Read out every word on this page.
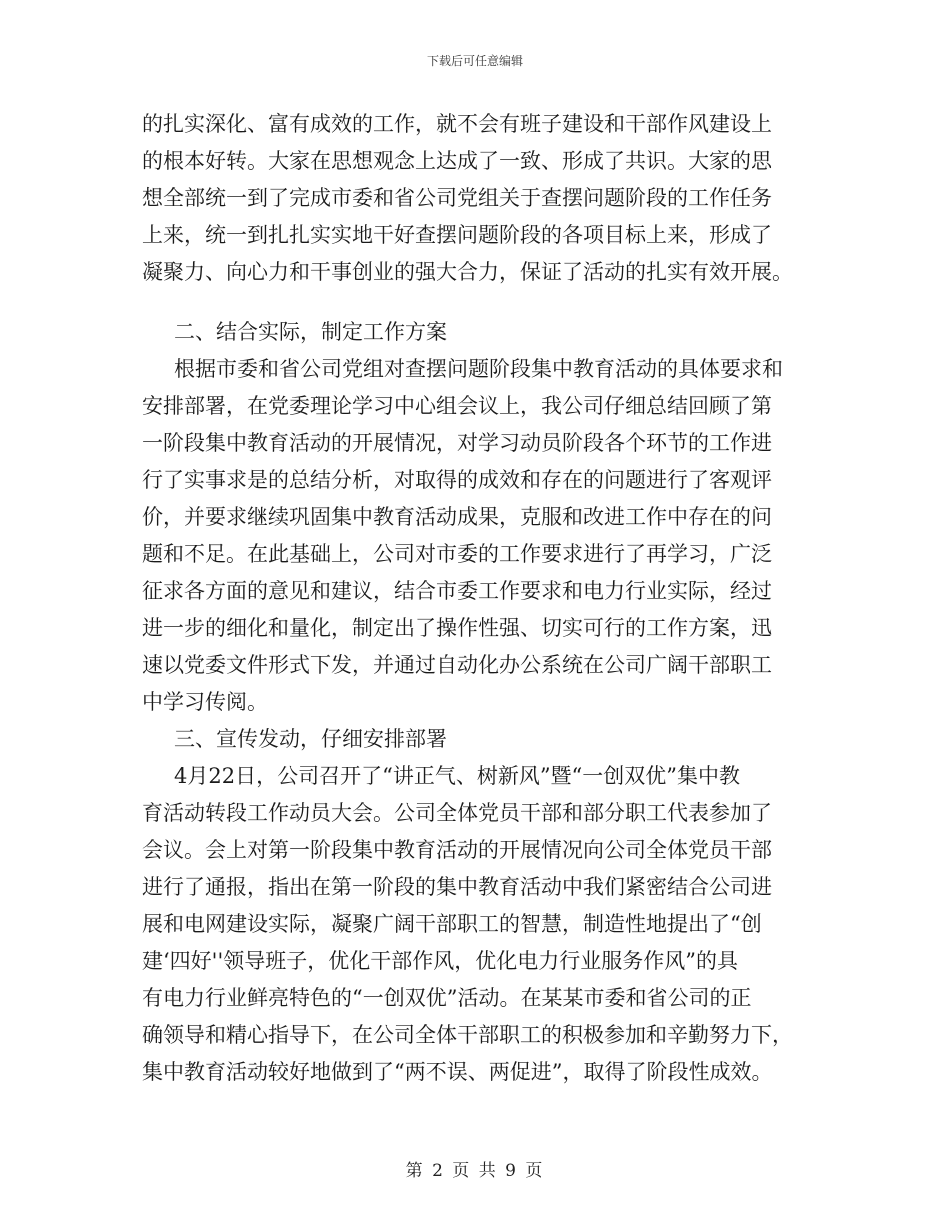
下载后可任意编辑
的扎实深化、富有成效的工作，就不会有班子建设和干部作风建设上
的根本好转。大家在思想观念上达成了一致、形成了共识。大家的思
想全部统一到了完成市委和省公司党组关于查摆问题阶段的工作任务
上来，统一到扎扎实实地干好查摆问题阶段的各项目标上来，形成了
凝聚力、向心力和干事创业的强大合力，保证了活动的扎实有效开展。
二、结合实际，制定工作方案
根据市委和省公司党组对查摆问题阶段集中教育活动的具体要求和
安排部署，在党委理论学习中心组会议上，我公司仔细总结回顾了第
一阶段集中教育活动的开展情况，对学习动员阶段各个环节的工作进
行了实事求是的总结分析，对取得的成效和存在的问题进行了客观评
价，并要求继续巩固集中教育活动成果，克服和改进工作中存在的问
题和不足。在此基础上，公司对市委的工作要求进行了再学习，广泛
征求各方面的意见和建议，结合市委工作要求和电力行业实际，经过
进一步的细化和量化，制定出了操作性强、切实可行的工作方案，迅
速以党委文件形式下发，并通过自动化办公系统在公司广阔干部职工
中学习传阅。
三、宣传发动，仔细安排部署
4月22日，公司召开了“讲正气、树新风”暨“一创双优”集中教
育活动转段工作动员大会。公司全体党员干部和部分职工代表参加了
会议。会上对第一阶段集中教育活动的开展情况向公司全体党员干部
进行了通报，指出在第一阶段的集中教育活动中我们紧密结合公司进
展和电网建设实际，凝聚广阔干部职工的智慧，制造性地提出了“创
建‘四好''领导班子，优化干部作风，优化电力行业服务作风”的具
有电力行业鲜亮特色的“一创双优”活动。在某某市委和省公司的正
确领导和精心指导下，在公司全体干部职工的积极参加和辛勤努力下，
集中教育活动较好地做到了“两不误、两促进”，取得了阶段性成效。
第 2 页 共 9 页
